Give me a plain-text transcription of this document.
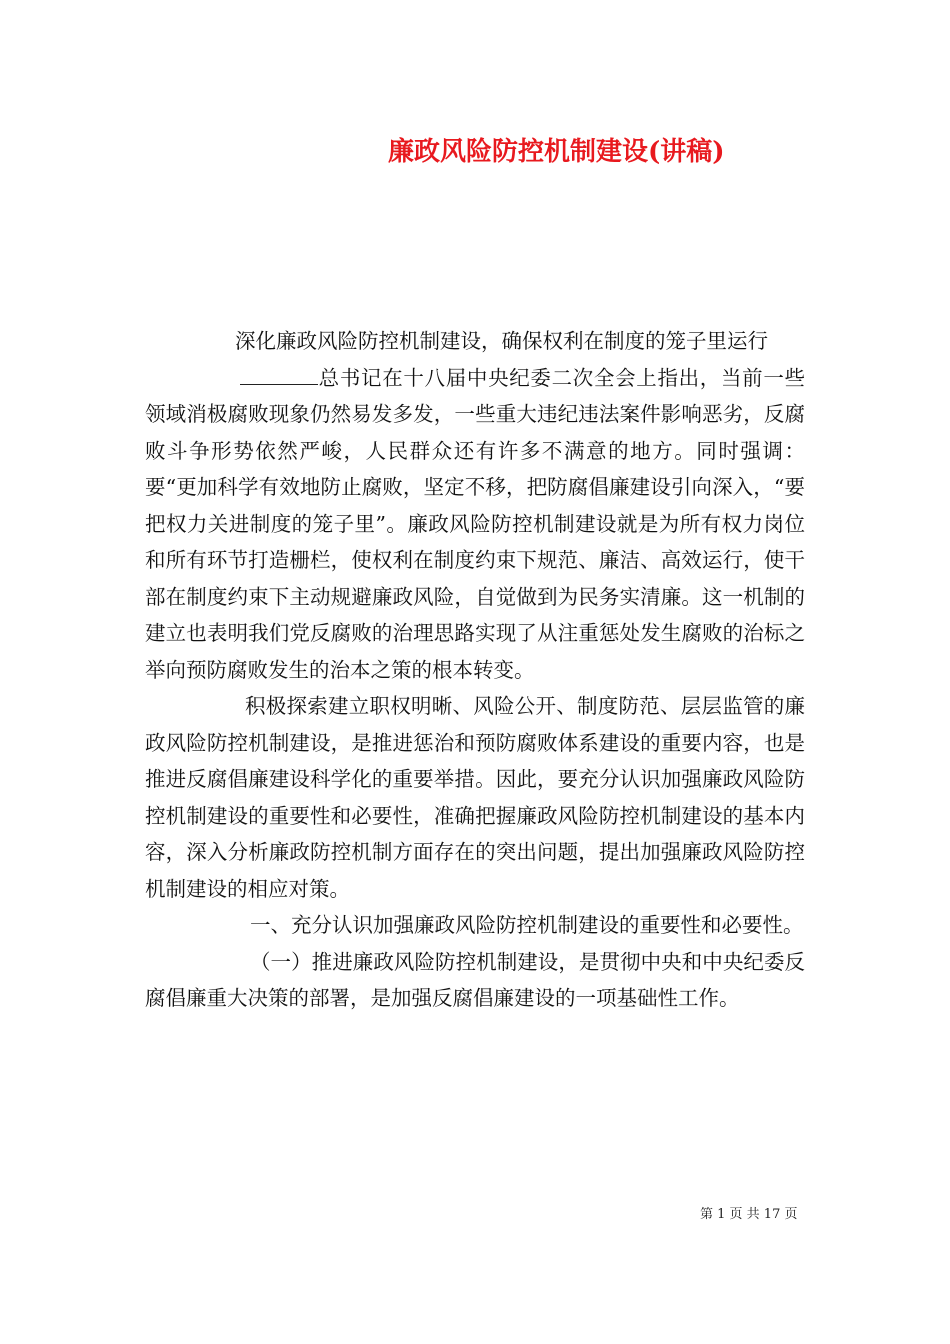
廉政风险防控机制建设(讲稿)

深化廉政风险防控机制建设，确保权利在制度的笼子里运行

总书记在十八届中央纪委二次全会上指出，当前一些领域消极腐败现象仍然易发多发，一些重大违纪违法案件影响恶劣，反腐败斗争形势依然严峻，人民群众还有许多不满意的地方。同时强调：要“更加科学有效地防止腐败，坚定不移，把防腐倡廉建设引向深入，“要把权力关进制度的笼子里”。廉政风险防控机制建设就是为所有权力岗位和所有环节打造栅栏，使权利在制度约束下规范、廉洁、高效运行，使干部在制度约束下主动规避廉政风险，自觉做到为民务实清廉。这一机制的建立也表明我们党反腐败的治理思路实现了从注重惩处发生腐败的治标之举向预防腐败发生的治本之策的根本转变。

积极探索建立职权明晰、风险公开、制度防范、层层监管的廉政风险防控机制建设，是推进惩治和预防腐败体系建设的重要内容，也是推进反腐倡廉建设科学化的重要举措。因此，要充分认识加强廉政风险防控机制建设的重要性和必要性，准确把握廉政风险防控机制建设的基本内容，深入分析廉政防控机制方面存在的突出问题，提出加强廉政风险防控机制建设的相应对策。

一、充分认识加强廉政风险防控机制建设的重要性和必要性。

（一）推进廉政风险防控机制建设，是贯彻中央和中央纪委反腐倡廉重大决策的部署，是加强反腐倡廉建设的一项基础性工作。

第 1 页 共 17 页
